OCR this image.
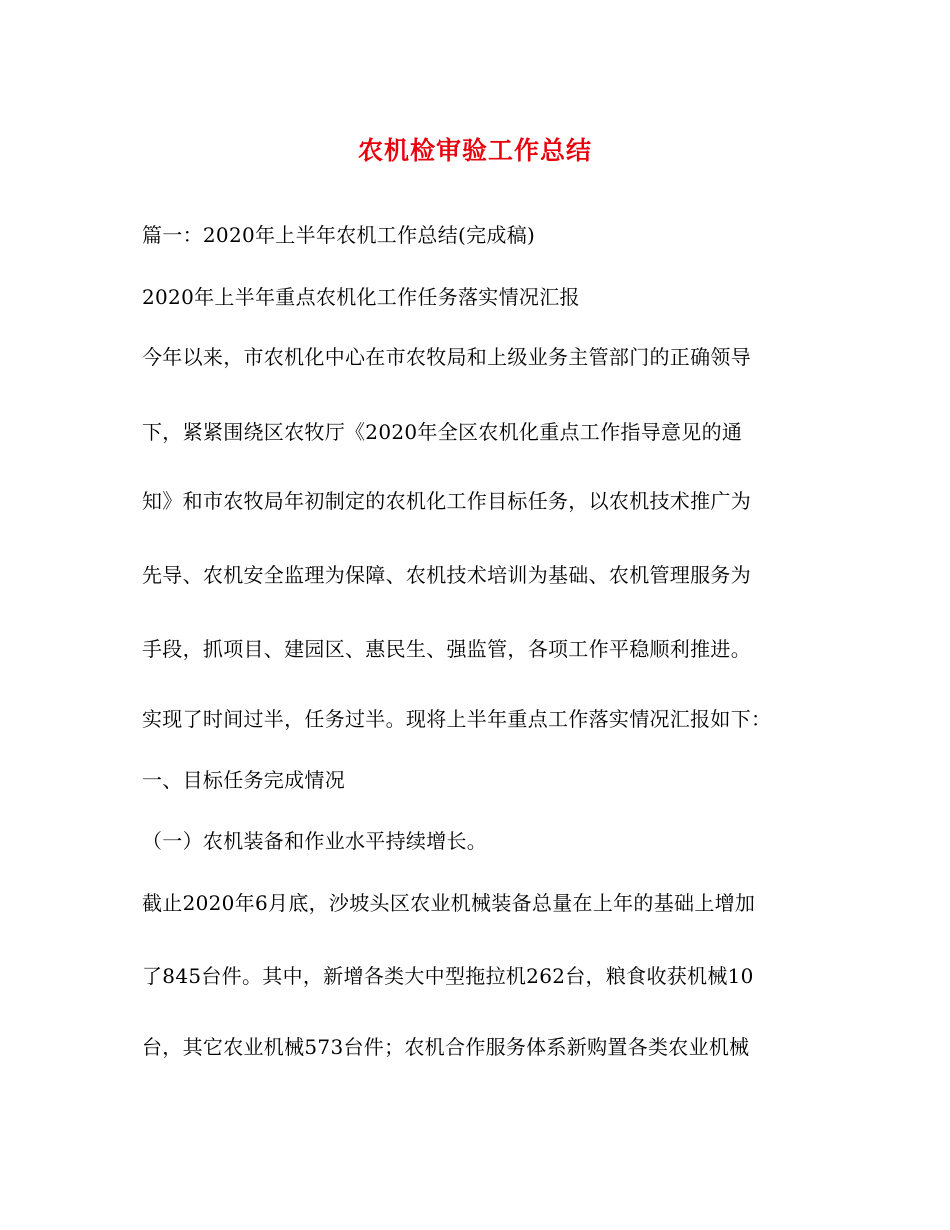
农机检审验工作总结
篇一：2020年上半年农机工作总结(完成稿)
2020年上半年重点农机化工作任务落实情况汇报
今年以来，市农机化中心在市农牧局和上级业务主管部门的正确领导
下，紧紧围绕区农牧厅《2020年全区农机化重点工作指导意见的通
知》和市农牧局年初制定的农机化工作目标任务，以农机技术推广为
先导、农机安全监理为保障、农机技术培训为基础、农机管理服务为
手段，抓项目、建园区、惠民生、强监管，各项工作平稳顺利推进。
实现了时间过半，任务过半。现将上半年重点工作落实情况汇报如下：
一、目标任务完成情况
（一）农机装备和作业水平持续增长。
截止2020年6月底，沙坡头区农业机械装备总量在上年的基础上增加
了845台件。其中，新增各类大中型拖拉机262台，粮食收获机械10
台，其它农业机械573台件；农机合作服务体系新购置各类农业机械
